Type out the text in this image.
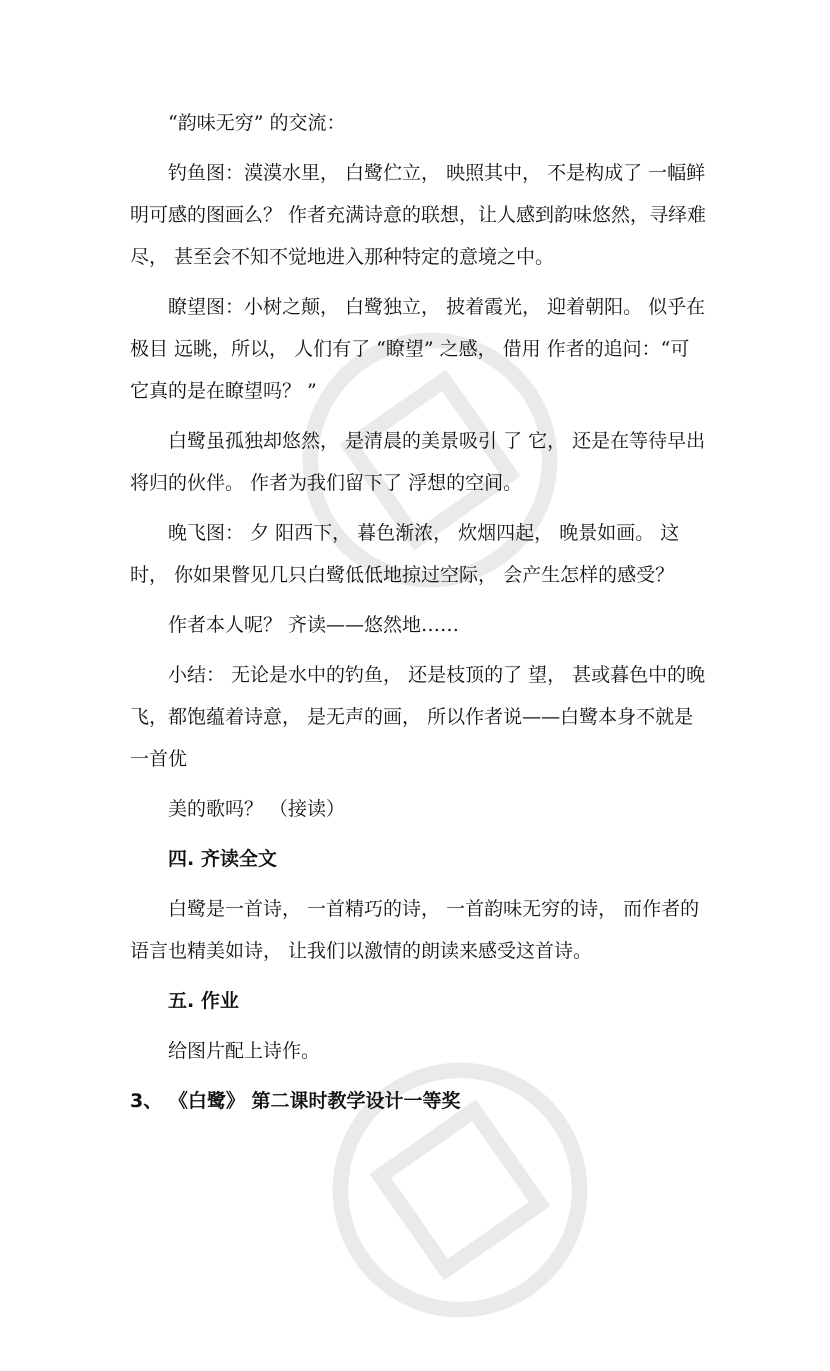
“韵味无穷” 的交流：

钓鱼图：漠漠水里， 白鹭伫立， 映照其中， 不是构成了 一幅鲜明可感的图画么？ 作者充满诗意的联想，让人感到韵味悠然，寻绎难尽， 甚至会不知不觉地进入那种特定的意境之中。

瞭望图：小树之颠， 白鹭独立， 披着霞光， 迎着朝阳。 似乎在极目 远眺，所以， 人们有了 “瞭望” 之感， 借用 作者的追问：“可它真的是在瞭望吗？ ”

白鹭虽孤独却悠然， 是清晨的美景吸引 了 它， 还是在等待早出将归的伙伴。 作者为我们留下了 浮想的空间。

晚飞图： 夕 阳西下， 暮色渐浓， 炊烟四起， 晚景如画。 这时， 你如果瞥见几只白鹭低低地掠过空际， 会产生怎样的感受？

作者本人呢？ 齐读——悠然地……

小结： 无论是水中的钓鱼， 还是枝顶的了 望， 甚或暮色中的晚飞，都饱蕴着诗意， 是无声的画， 所以作者说——白鹭本身不就是一首优

美的歌吗？ （接读）

四. 齐读全文

白鹭是一首诗， 一首精巧的诗， 一首韵味无穷的诗， 而作者的语言也精美如诗， 让我们以激情的朗读来感受这首诗。

五. 作业

给图片配上诗作。

3、 《白鹭》 第二课时教学设计一等奖
